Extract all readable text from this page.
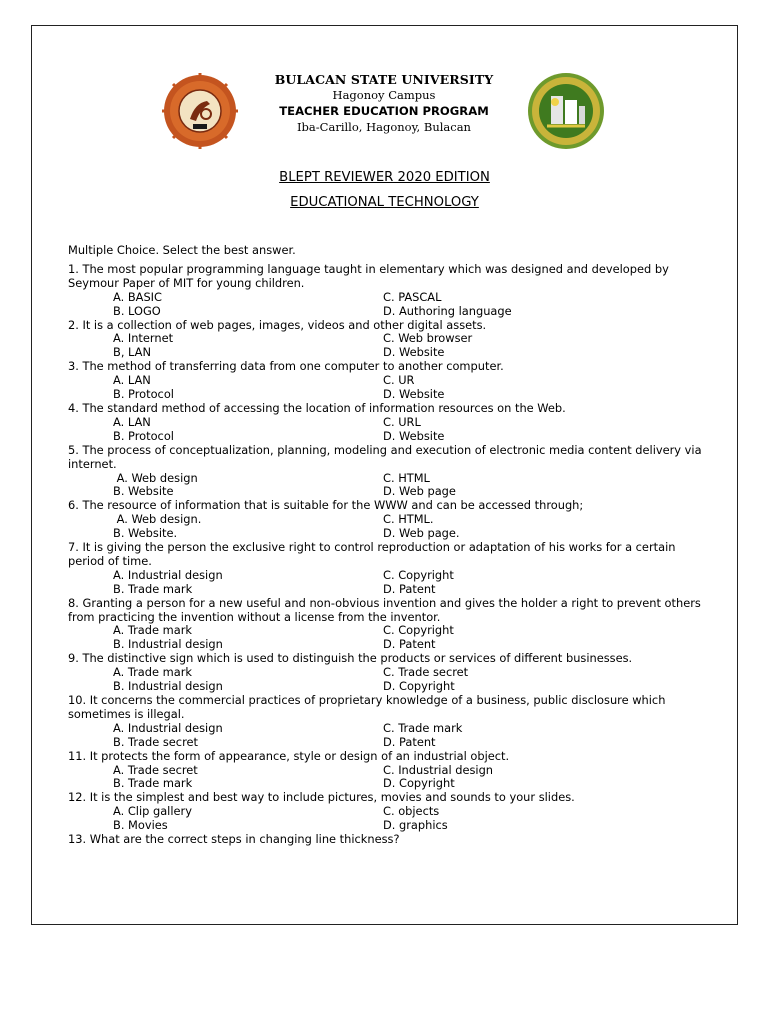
BULACAN STATE UNIVERSITY
Hagonoy Campus
TEACHER EDUCATION PROGRAM
Iba-Carillo, Hagonoy, Bulacan
BLEPT REVIEWER 2020 EDITION
EDUCATIONAL TECHNOLOGY
Multiple Choice. Select the best answer.
1. The most popular programming language taught in elementary which was designed and developed by Seymour Paper of MIT for young children.
A. BASIC	C. PASCAL
B. LOGO	D. Authoring language
2. It is a collection of web pages, images, videos and other digital assets.
A. Internet	C. Web browser
B, LAN	D. Website
3. The method of transferring data from one computer to another computer.
A. LAN	C. UR
B. Protocol	D. Website
4. The standard method of accessing the location of information resources on the Web.
A. LAN	C. URL
B. Protocol	D. Website
5. The process of conceptualization, planning, modeling and execution of electronic media content delivery via internet.
A. Web design	C. HTML
B. Website	D. Web page
6. The resource of information that is suitable for the WWW and can be accessed through;
A. Web design.	C. HTML.
B. Website.	D. Web page.
7. It is giving the person the exclusive right to control reproduction or adaptation of his works for a certain period of time.
A. Industrial design	C. Copyright
B. Trade mark	D. Patent
8. Granting a person for a new useful and non-obvious invention and gives the holder a right to prevent others from practicing the invention without a license from the inventor.
A. Trade mark	C. Copyright
B. Industrial design	D. Patent
9. The distinctive sign which is used to distinguish the products or services of different businesses.
A. Trade mark	C. Trade secret
B. Industrial design	D. Copyright
10. It concerns the commercial practices of proprietary knowledge of a business, public disclosure which sometimes is illegal.
A. Industrial design	C. Trade mark
B. Trade secret	D. Patent
11. It protects the form of appearance, style or design of an industrial object.
A. Trade secret	C. Industrial design
B. Trade mark	D. Copyright
12. It is the simplest and best way to include pictures, movies and sounds to your slides.
A. Clip gallery	C. objects
B. Movies	D. graphics
13. What are the correct steps in changing line thickness?
